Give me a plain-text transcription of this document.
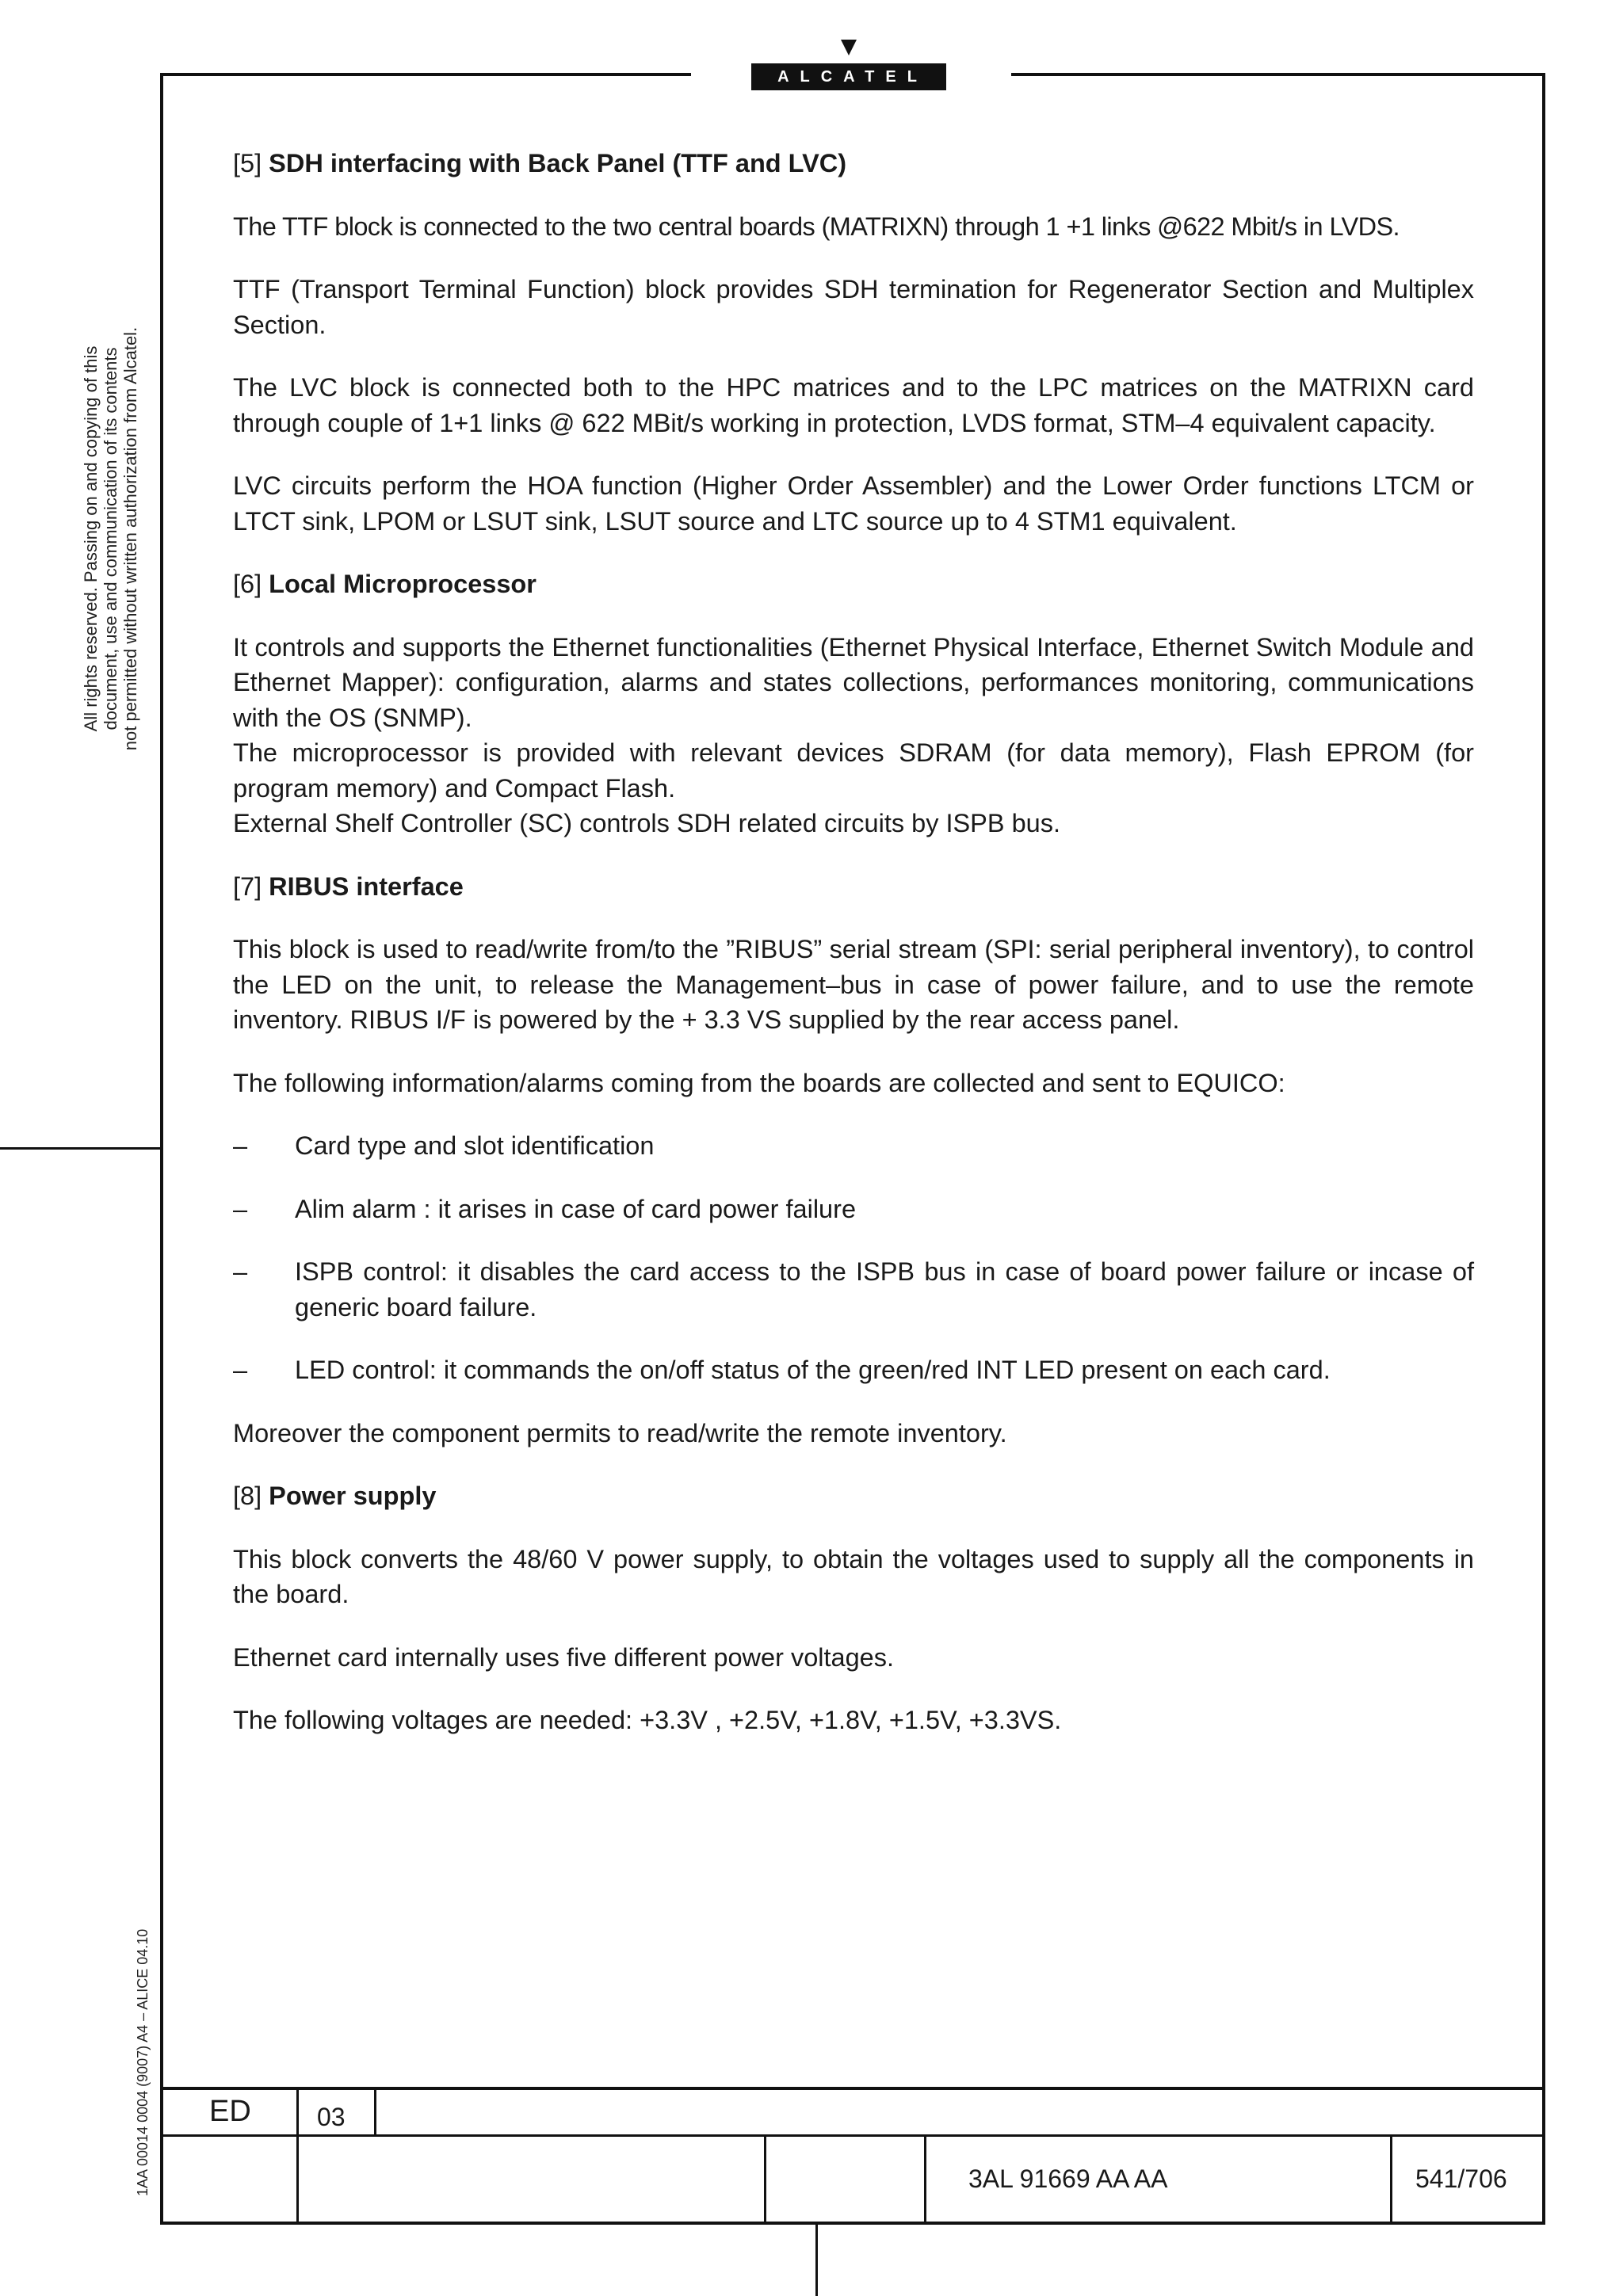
ALCATEL
All rights reserved. Passing on and copying of this document, use and communication of its contents not permitted without written authorization from Alcatel.
1AA 00014 0004 (9007) A4 – ALICE 04.10

[5] SDH interfacing with Back Panel (TTF and LVC)

The TTF block is connected to the two central boards (MATRIXN) through 1 +1 links @622 Mbit/s in LVDS.

TTF (Transport Terminal Function) block provides SDH termination for Regenerator Section and Multiplex Section.

The LVC block is connected both to the HPC matrices and to the LPC matrices on the MATRIXN card through couple of 1+1 links @ 622 MBit/s working in protection, LVDS format, STM–4 equivalent capacity.

LVC circuits perform the HOA function (Higher Order Assembler) and the Lower Order functions LTCM or LTCT sink, LPOM or LSUT sink, LSUT source and LTC source up to 4 STM1 equivalent.

[6] Local Microprocessor

It controls and supports the Ethernet functionalities (Ethernet Physical Interface, Ethernet Switch Module and Ethernet Mapper): configuration, alarms and states collections, performances monitoring, communications with the OS (SNMP).

The microprocessor is provided with relevant devices SDRAM (for data memory), Flash EPROM (for program memory) and Compact Flash.

External Shelf Controller (SC) controls SDH related circuits by ISPB bus.

[7] RIBUS interface

This block is used to read/write from/to the ”RIBUS” serial stream (SPI: serial peripheral inventory), to control the LED on the unit, to release the Management–bus in case of power failure, and to use the remote inventory. RIBUS I/F is powered by the + 3.3 VS supplied by the rear access panel.

The following information/alarms coming from the boards are collected and sent to EQUICO:

–	Card type and slot identification
–	Alim alarm : it arises in case of card power failure
–	ISPB control: it disables the card access to the ISPB bus in case of board power failure or incase of generic board failure.
–	LED control: it commands the on/off status of the green/red INT LED present on each card.

Moreover the component permits to read/write the remote inventory.

[8] Power supply

This block converts the 48/60 V power supply, to obtain the voltages used to supply all the components in the board.

Ethernet card internally uses five different power voltages.

The following voltages are needed: +3.3V , +2.5V, +1.8V, +1.5V, +3.3VS.

ED	03
3AL 91669 AA AA	541/706
